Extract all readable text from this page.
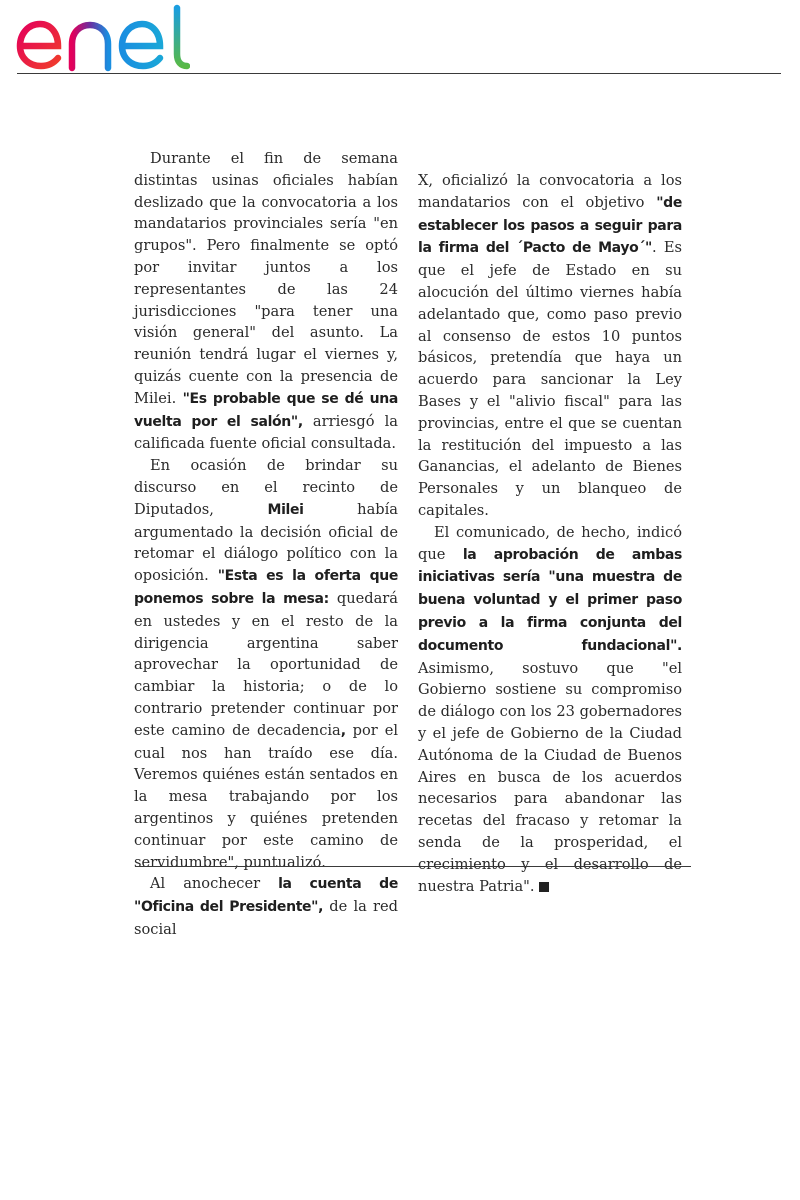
Durante el fin de semana distintas usinas oficiales habían deslizado que la convocatoria a los mandatarios provinciales sería "en grupos". Pero finalmente se optó por invitar juntos a los representantes de las 24 jurisdicciones "para tener una visión general" del asunto. La reunión tendrá lugar el viernes y, quizás cuente con la presencia de Milei. "Es probable que se dé una vuelta por el salón", arriesgó la calificada fuente oficial consultada.

En ocasión de brindar su discurso en el recinto de Diputados, Milei había argumentado la decisión oficial de retomar el diálogo político con la oposición. "Esta es la oferta que ponemos sobre la mesa: quedará en ustedes y en el resto de la dirigencia argentina saber aprovechar la oportunidad de cambiar la historia; o de lo contrario pretender continuar por este camino de decadencia, por el cual nos han traído ese día. Veremos quiénes están sentados en la mesa trabajando por los argentinos y quiénes pretenden continuar por este camino de servidumbre", puntualizó.

Al anochecer la cuenta de "Oficina del Presidente", de la red social

X, oficializó la convocatoria a los mandatarios con el objetivo "de establecer los pasos a seguir para la firma del ´Pacto de Mayo´". Es que el jefe de Estado en su alocución del último viernes había adelantado que, como paso previo al consenso de estos 10 puntos básicos, pretendía que haya un acuerdo para sancionar la Ley Bases y el "alivio fiscal" para las provincias, entre el que se cuentan la restitución del impuesto a las Ganancias, el adelanto de Bienes Personales y un blanqueo de capitales.

El comunicado, de hecho, indicó que la aprobación de ambas iniciativas sería "una muestra de buena voluntad y el primer paso previo a la firma conjunta del documento fundacional". Asimismo, sostuvo que "el Gobierno sostiene su compromiso de diálogo con los 23 gobernadores y el jefe de Gobierno de la Ciudad Autónoma de la Ciudad de Buenos Aires en busca de los acuerdos necesarios para abandonar las recetas del fracaso y retomar la senda de la prosperidad, el crecimiento y el desarrollo de nuestra Patria".
